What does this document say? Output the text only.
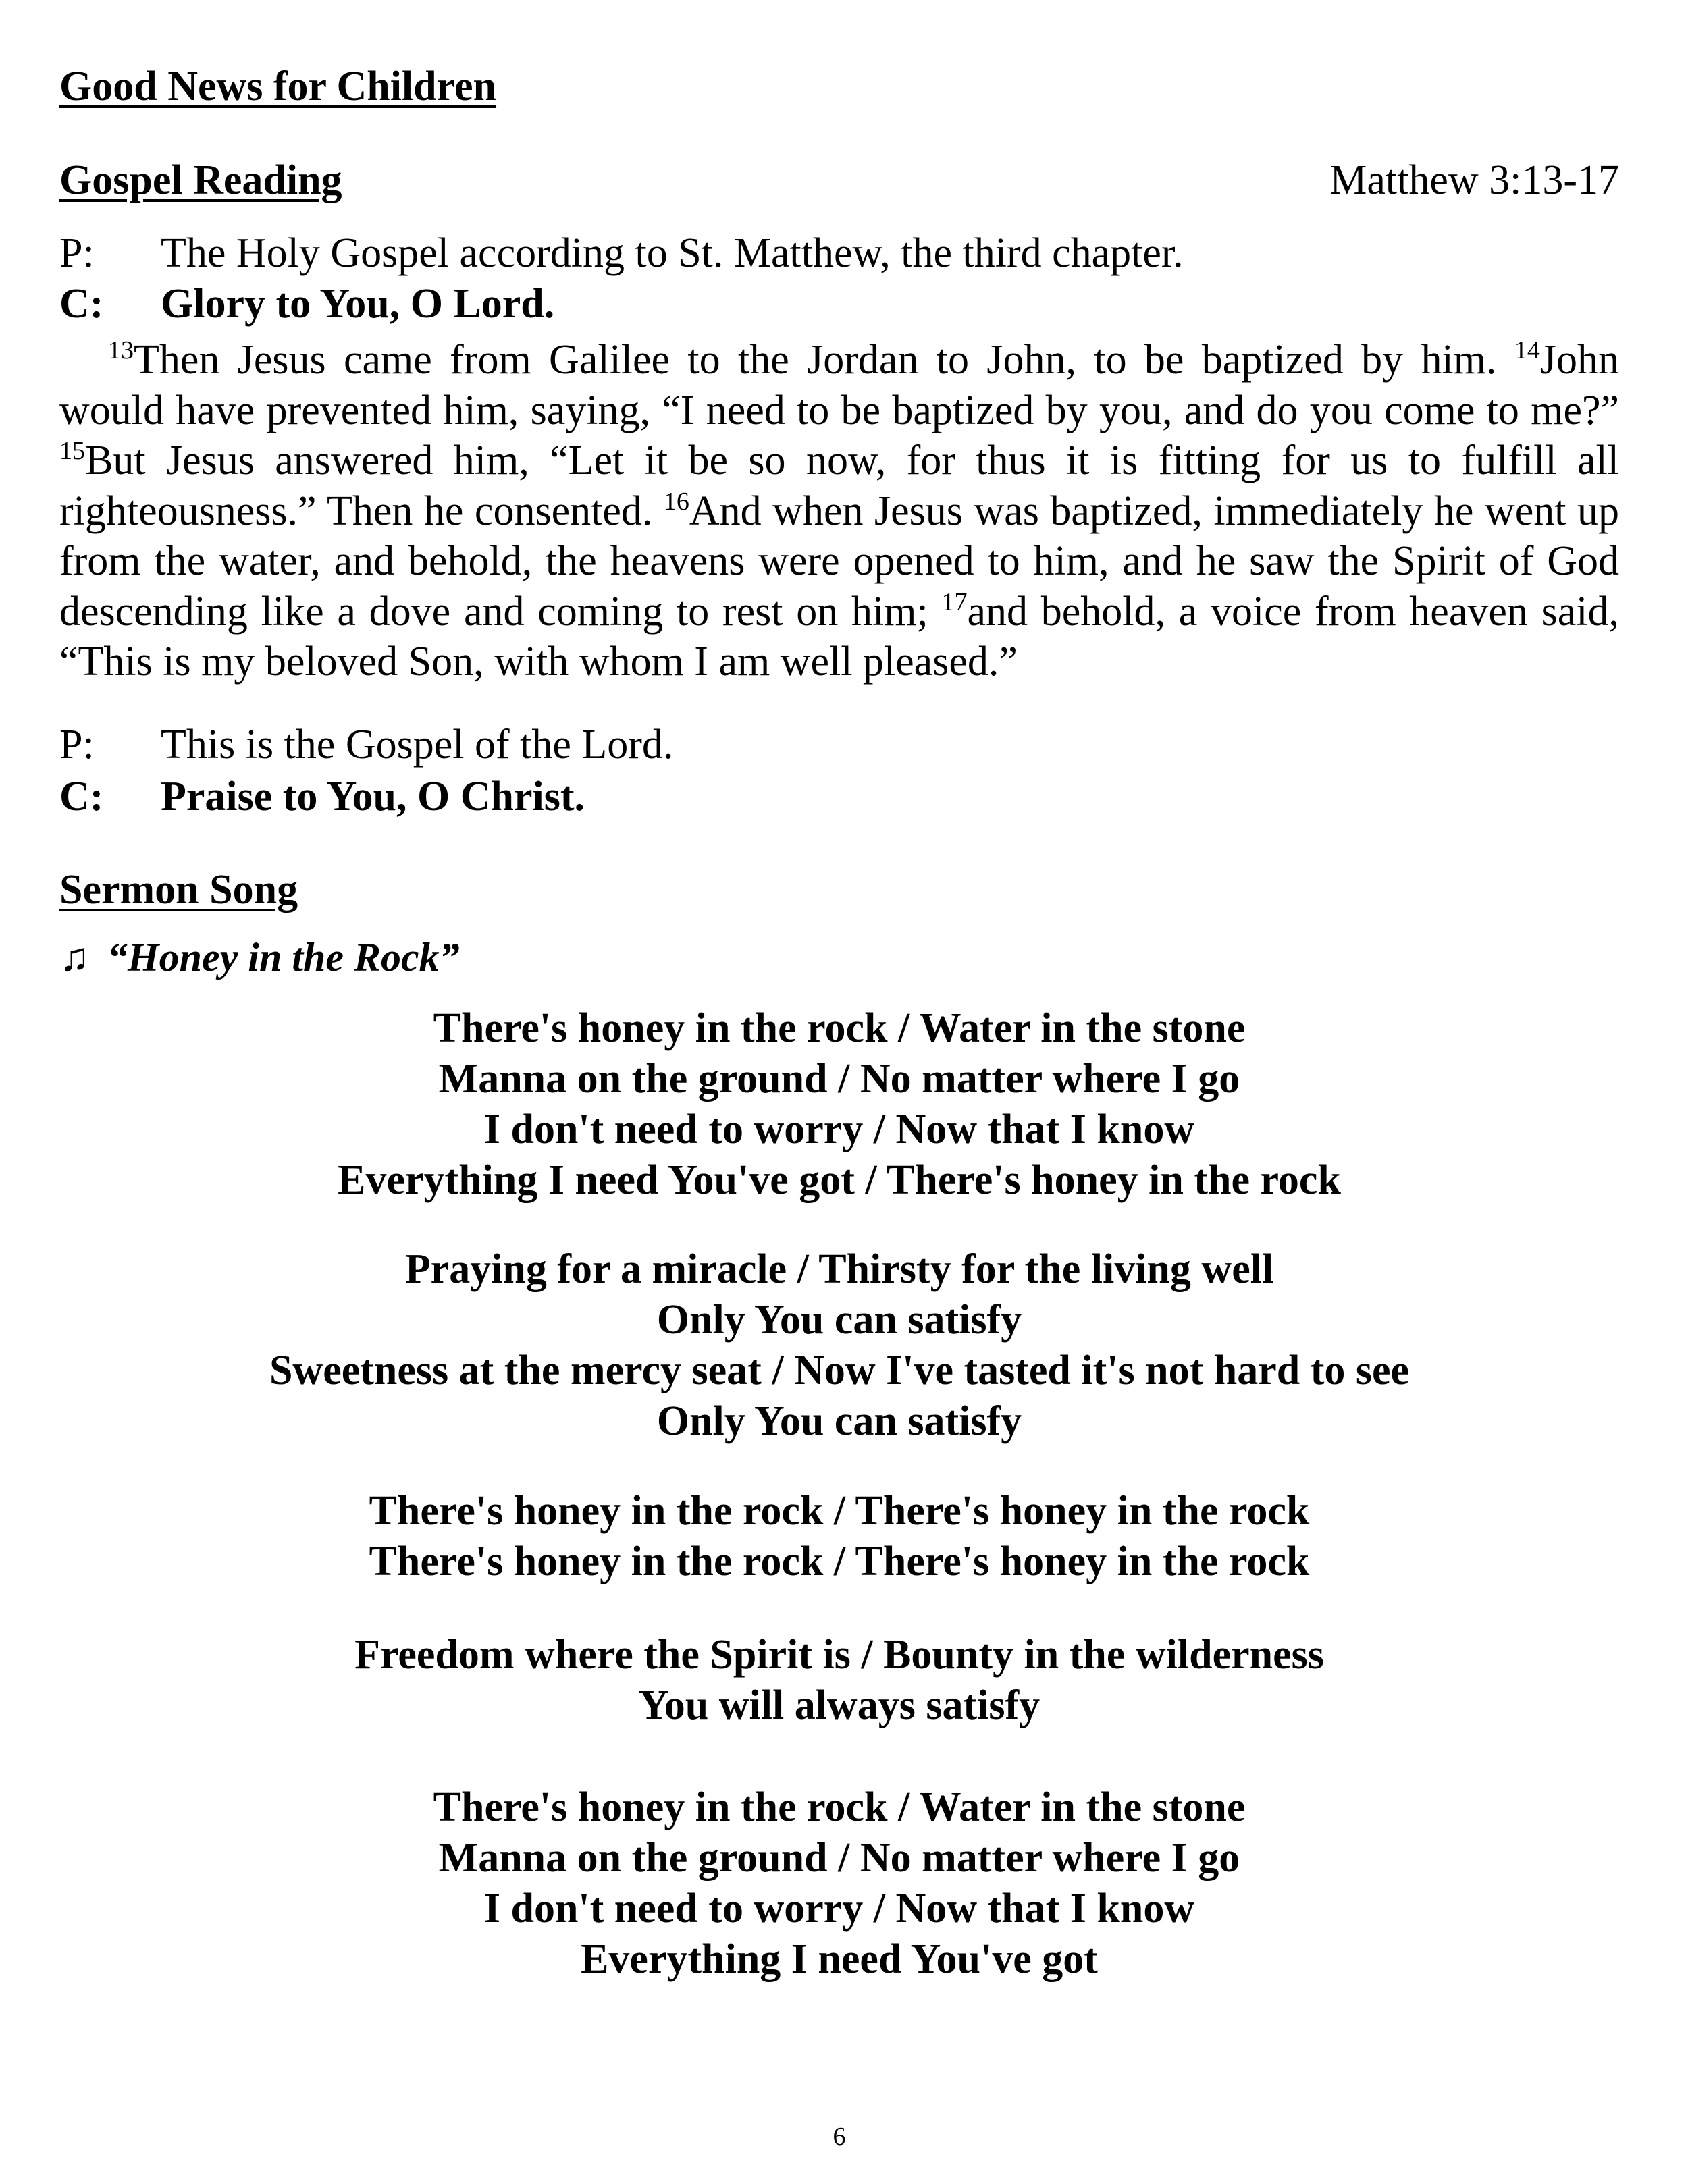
Good News for Children
Gospel Reading	Matthew 3:13-17
P: The Holy Gospel according to St. Matthew, the third chapter.
C: Glory to You, O Lord.

$^{13}$Then Jesus came from Galilee to the Jordan to John, to be baptized by him. $^{14}$John would have prevented him, saying, “I need to be baptized by you, and do you come to me?” $^{15}$But Jesus answered him, “Let it be so now, for thus it is fitting for us to fulfill all righteousness.” Then he consented. $^{16}$And when Jesus was baptized, immediately he went up from the water, and behold, the heavens were opened to him, and he saw the Spirit of God descending like a dove and coming to rest on him; $^{17}$and behold, a voice from heaven said, “This is my beloved Son, with whom I am well pleased.”

P: This is the Gospel of the Lord.
C: Praise to You, O Christ.
Sermon Song
♫ “Honey in the Rock”
There's honey in the rock / Water in the stone
Manna on the ground / No matter where I go
I don't need to worry / Now that I know
Everything I need You've got / There's honey in the rock
Praying for a miracle / Thirsty for the living well
Only You can satisfy
Sweetness at the mercy seat / Now I've tasted it's not hard to see
Only You can satisfy
There's honey in the rock / There's honey in the rock
There's honey in the rock / There's honey in the rock
Freedom where the Spirit is / Bounty in the wilderness
You will always satisfy
There's honey in the rock / Water in the stone
Manna on the ground / No matter where I go
I don't need to worry / Now that I know
Everything I need You've got
6
